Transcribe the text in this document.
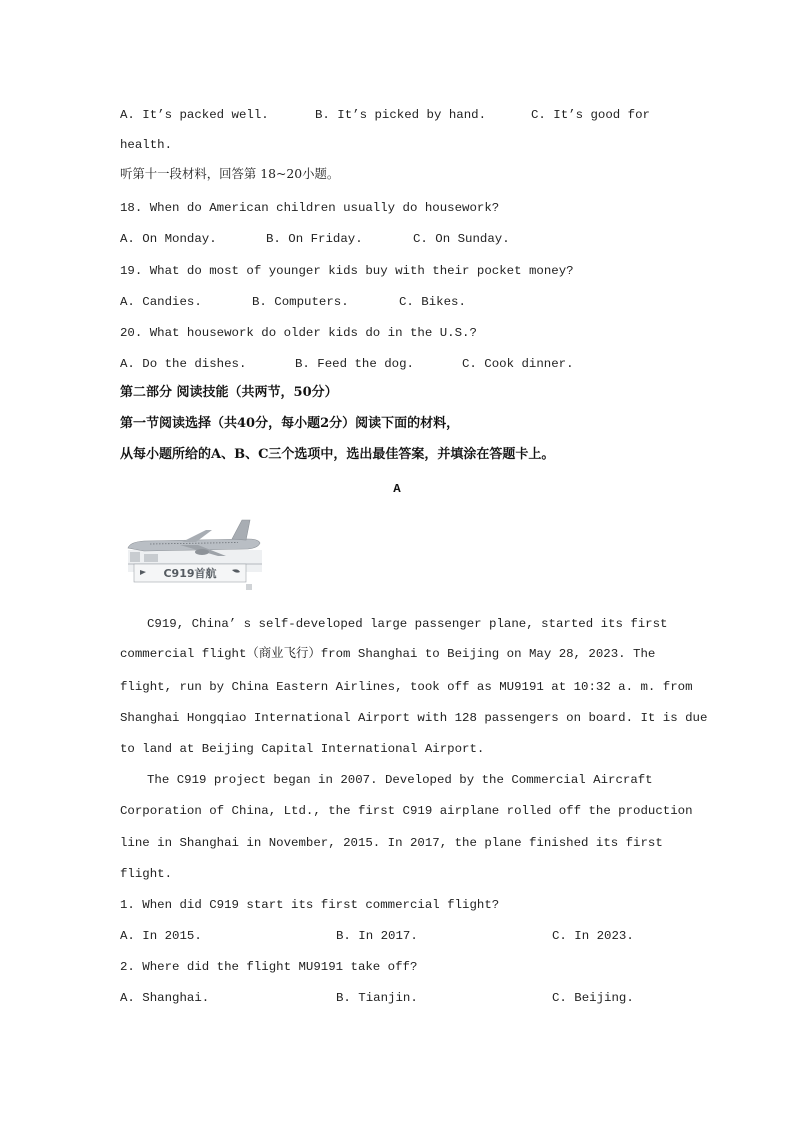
A. It’s packed well.	B. It’s picked by hand.	C. It’s good for
health.
听第十一段材料，回答第 18~20小题。
18. When do American children usually do housework?
A. On Monday.	B. On Friday.	C. On Sunday.
19. What do most of younger kids buy with their pocket money?
A. Candies.	B. Computers.	C. Bikes.
20. What housework do older kids do in the U.S.?
A. Do the dishes.	B. Feed the dog.	C. Cook dinner.
第二部分 阅读技能（共两节，50分）
第一节阅读选择（共40分，每小题2分）阅读下面的材料，
从每小题所给的A、B、C三个选项中，选出最佳答案，并填涂在答题卡上。
A
C919首航
C919, China’ s self-developed large passenger plane, started its first
commercial flight（商业飞行）from Shanghai to Beijing on May 28, 2023. The
flight, run by China Eastern Airlines, took off as MU9191 at 10:32 a. m. from
Shanghai Hongqiao International Airport with 128 passengers on board. It is due
to land at Beijing Capital International Airport.
The C919 project began in 2007. Developed by the Commercial Aircraft
Corporation of China, Ltd., the first C919 airplane rolled off the production
line in Shanghai in November, 2015. In 2017, the plane finished its first
flight.
1. When did C919 start its first commercial flight?
A. In 2015.	B. In 2017.	C. In 2023.
2. Where did the flight MU9191 take off?
A. Shanghai.	B. Tianjin.	C. Beijing.
